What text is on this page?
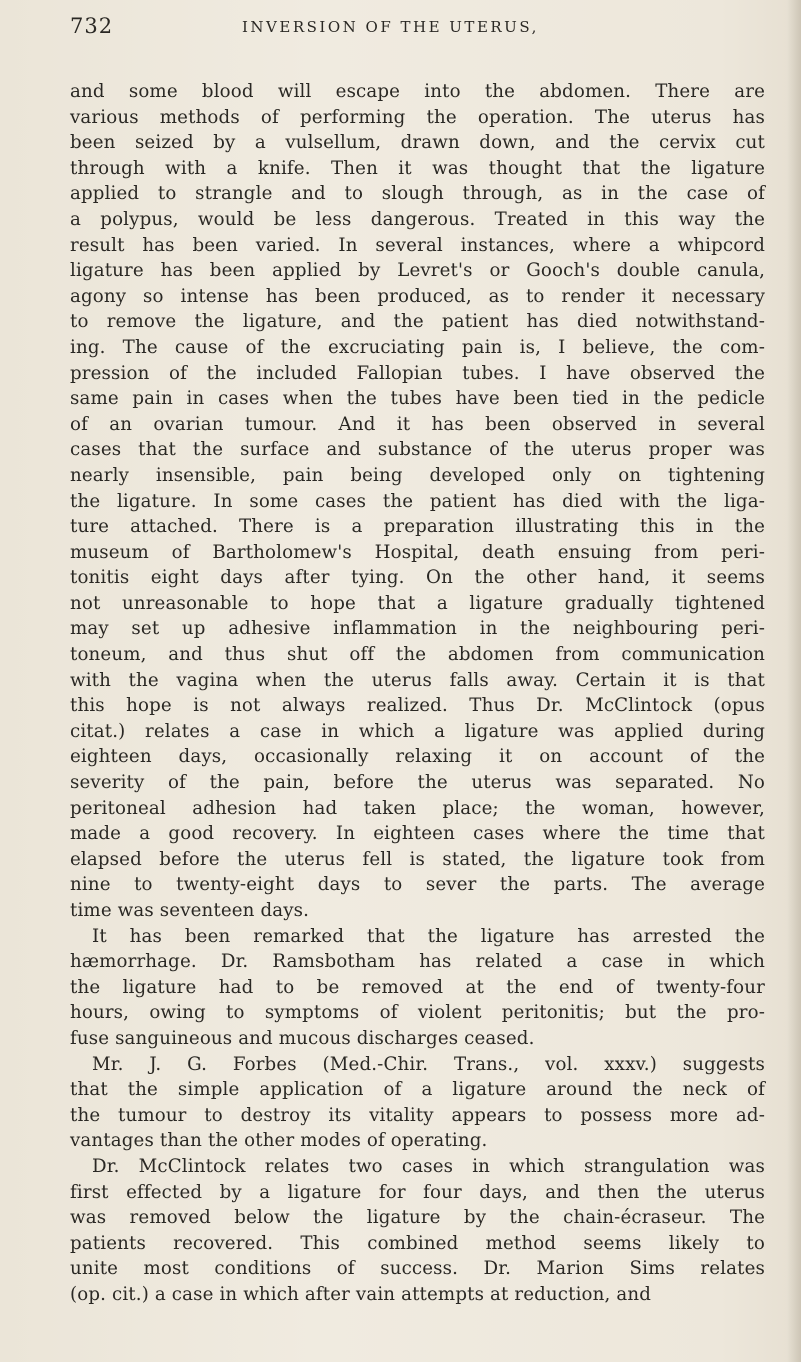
732	INVERSION OF THE UTERUS,
and some blood will escape into the abdomen. There are
various methods of performing the operation. The uterus has
been seized by a vulsellum, drawn down, and the cervix cut
through with a knife. Then it was thought that the ligature
applied to strangle and to slough through, as in the case of
a polypus, would be less dangerous. Treated in this way the
result has been varied. In several instances, where a whipcord
ligature has been applied by Levret's or Gooch's double canula,
agony so intense has been produced, as to render it necessary
to remove the ligature, and the patient has died notwithstand-
ing. The cause of the excruciating pain is, I believe, the com-
pression of the included Fallopian tubes. I have observed the
same pain in cases when the tubes have been tied in the pedicle
of an ovarian tumour. And it has been observed in several
cases that the surface and substance of the uterus proper was
nearly insensible, pain being developed only on tightening
the ligature. In some cases the patient has died with the liga-
ture attached. There is a preparation illustrating this in the
museum of Bartholomew's Hospital, death ensuing from peri-
tonitis eight days after tying. On the other hand, it seems
not unreasonable to hope that a ligature gradually tightened
may set up adhesive inflammation in the neighbouring peri-
toneum, and thus shut off the abdomen from communication
with the vagina when the uterus falls away. Certain it is that
this hope is not always realized. Thus Dr. McClintock (opus
citat.) relates a case in which a ligature was applied during
eighteen days, occasionally relaxing it on account of the
severity of the pain, before the uterus was separated. No
peritoneal adhesion had taken place; the woman, however,
made a good recovery. In eighteen cases where the time that
elapsed before the uterus fell is stated, the ligature took from
nine to twenty-eight days to sever the parts. The average
time was seventeen days.
It has been remarked that the ligature has arrested the
hæmorrhage. Dr. Ramsbotham has related a case in which
the ligature had to be removed at the end of twenty-four
hours, owing to symptoms of violent peritonitis; but the pro-
fuse sanguineous and mucous discharges ceased.
Mr. J. G. Forbes (Med.-Chir. Trans., vol. xxxv.) suggests
that the simple application of a ligature around the neck of
the tumour to destroy its vitality appears to possess more ad-
vantages than the other modes of operating.
Dr. McClintock relates two cases in which strangulation was
first effected by a ligature for four days, and then the uterus
was removed below the ligature by the chain-écraseur. The
patients recovered. This combined method seems likely to
unite most conditions of success. Dr. Marion Sims relates
(op. cit.) a case in which after vain attempts at reduction, and
